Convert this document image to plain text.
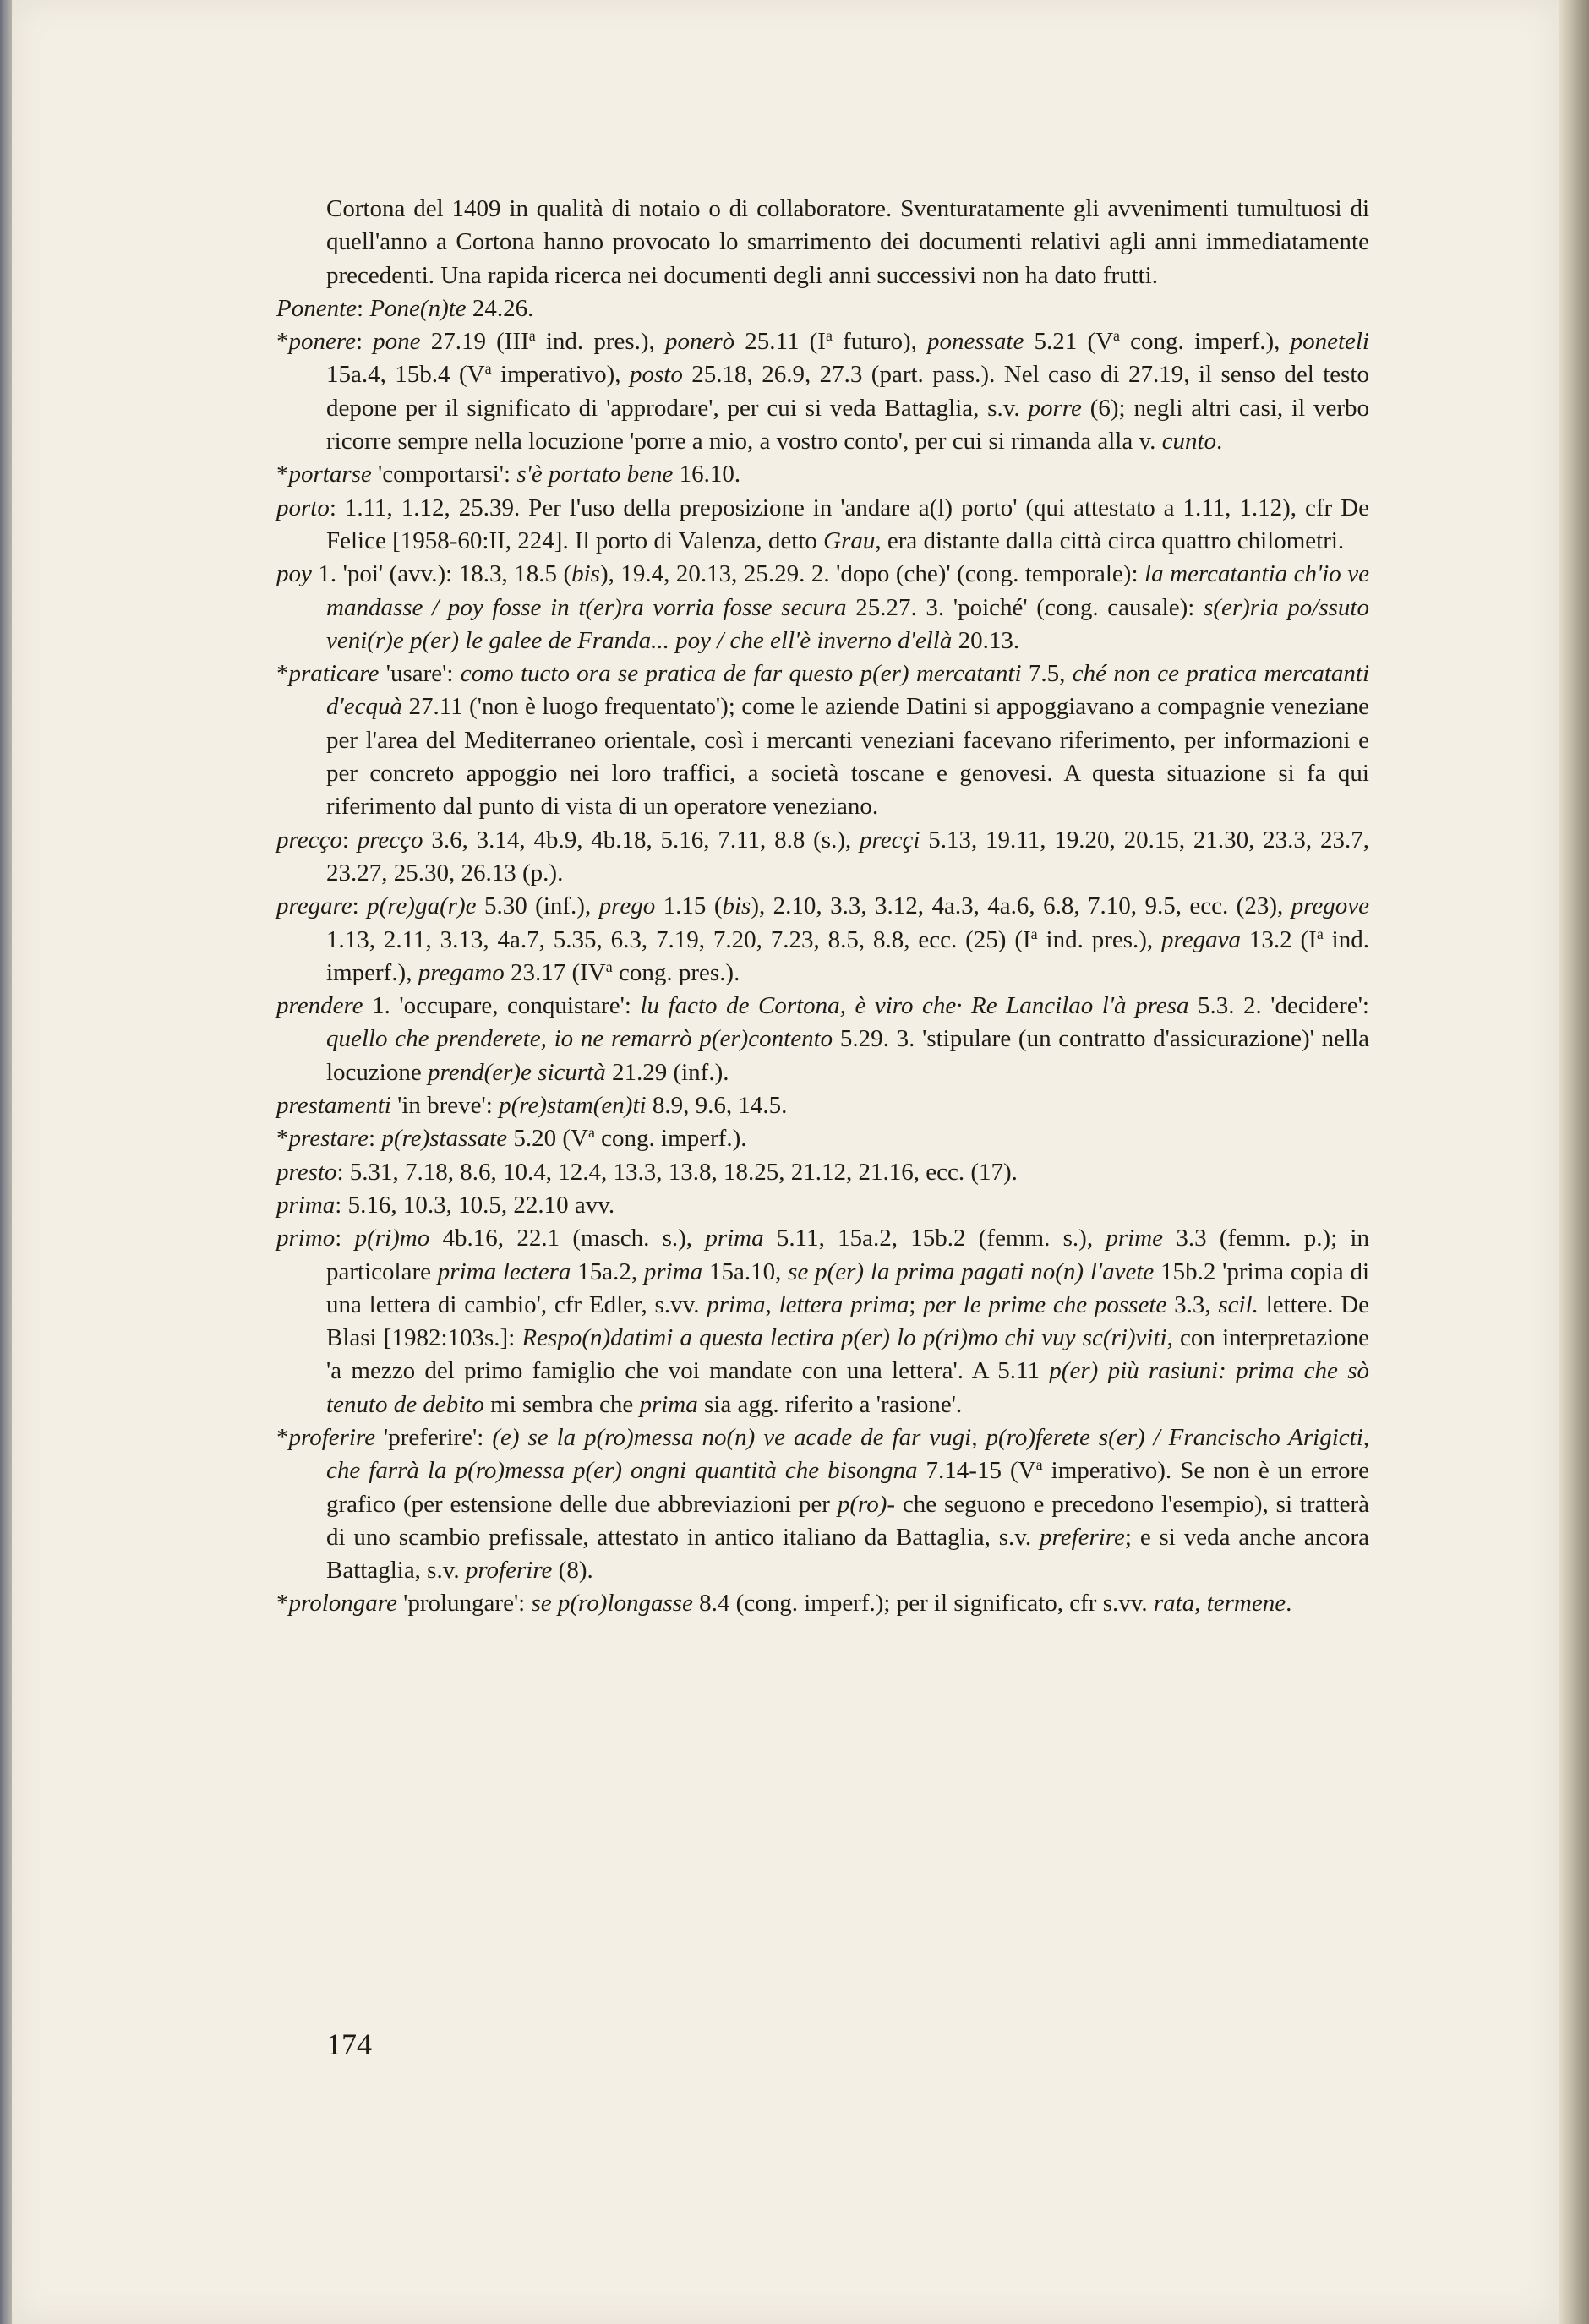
Cortona del 1409 in qualità di notaio o di collaboratore. Sventuratamente gli avvenimenti tumultuosi di quell'anno a Cortona hanno provocato lo smarrimento dei documenti relativi agli anni immediatamente precedenti. Una rapida ricerca nei documenti degli anni successivi non ha dato frutti.

Ponente: Pone(n)te 24.26.

*ponere: pone 27.19 (III$^a$ ind. pres.), ponerò 25.11 ($I^a$ futuro), ponessate 5.21 ($V^a$ cong. imperf.), poneteli 15a.4, 15b.4 ($V^a$ imperativo), posto 25.18, 26.9, 27.3 (part. pass.). Nel caso di 27.19, il senso del testo depone per il significato di 'approdare', per cui si veda Battaglia, s.v. porre (6); negli altri casi, il verbo ricorre sempre nella locuzione 'porre a mio, a vostro conto', per cui si rimanda alla v. cunto.

*portarse 'comportarsi': s'è portato bene 16.10.

porto: 1.11, 1.12, 25.39. Per l'uso della preposizione in 'andare a(l) porto' (qui attestato a 1.11, 1.12), cfr De Felice [1958-60:II, 224]. Il porto di Valenza, detto Grau, era distante dalla città circa quattro chilometri.

poy 1. 'poi' (avv.): 18.3, 18.5 (bis), 19.4, 20.13, 25.29. 2. 'dopo (che)' (cong. temporale): la mercatantia ch'io ve mandasse / poy fosse in t(er)ra vorria fosse secura 25.27. 3. 'poiché' (cong. causale): s(er)ria po/ssuto veni(r)e p(er) le galee de Franda... poy / che ell'è inverno d'ellà 20.13.

*praticare 'usare': como tucto ora se pratica de far questo p(er) mercatanti 7.5, ché non ce pratica mercatanti d'ecquà 27.11 ('non è luogo frequentato'); come le aziende Datini si appoggiavano a compagnie veneziane per l'area del Mediterraneo orientale, così i mercanti veneziani facevano riferimento, per informazioni e per concreto appoggio nei loro traffici, a società toscane e genovesi. A questa situazione si fa qui riferimento dal punto di vista di un operatore veneziano.

precço: precço 3.6, 3.14, 4b.9, 4b.18, 5.16, 7.11, 8.8 (s.), precçi 5.13, 19.11, 19.20, 20.15, 21.30, 23.3, 23.7, 23.27, 25.30, 26.13 (p.).

pregare: p(re)ga(r)e 5.30 (inf.), prego 1.15 (bis), 2.10, 3.3, 3.12, 4a.3, 4a.6, 6.8, 7.10, 9.5, ecc. (23), pregove 1.13, 2.11, 3.13, 4a.7, 5.35, 6.3, 7.19, 7.20, 7.23, 8.5, 8.8, ecc. (25) ($I^a$ ind. pres.), pregava 13.2 ($I^a$ ind. imperf.), pregamo 23.17 ($IV^a$ cong. pres.).

prendere 1. 'occupare, conquistare': lu facto de Cortona, è viro che· Re Lancilao l'à presa 5.3. 2. 'decidere': quello che prenderete, io ne remarrò p(er)contento 5.29. 3. 'stipulare (un contratto d'assicurazione)' nella locuzione prend(er)e sicurtà 21.29 (inf.).

prestamenti 'in breve': p(re)stam(en)ti 8.9, 9.6, 14.5.

*prestare: p(re)stassate 5.20 ($V^a$ cong. imperf.).

presto: 5.31, 7.18, 8.6, 10.4, 12.4, 13.3, 13.8, 18.25, 21.12, 21.16, ecc. (17).

prima: 5.16, 10.3, 10.5, 22.10 avv.

primo: p(ri)mo 4b.16, 22.1 (masch. s.), prima 5.11, 15a.2, 15b.2 (femm. s.), prime 3.3 (femm. p.); in particolare prima lectera 15a.2, prima 15a.10, se p(er) la prima pagati no(n) l'avete 15b.2 'prima copia di una lettera di cambio', cfr Edler, s.vv. prima, lettera prima; per le prime che possete 3.3, scil. lettere. De Blasi [1982:103s.]: Respo(n)datimi a questa lectira p(er) lo p(ri)mo chi vuy sc(ri)viti, con interpretazione 'a mezzo del primo famiglio che voi mandate con una lettera'. A 5.11 p(er) più rasiuni: prima che sò tenuto de debito mi sembra che prima sia agg. riferito a 'rasione'.

*proferire 'preferire': (e) se la p(ro)messa no(n) ve acade de far vugi, p(ro)ferete s(er) / Francischo Arigicti, che farrà la p(ro)messa p(er) ongni quantità che bisongna 7.14-15 ($V^a$ imperativo). Se non è un errore grafico (per estensione delle due abbreviazioni per p(ro)- che seguono e precedono l'esempio), si tratterà di uno scambio prefissale, attestato in antico italiano da Battaglia, s.v. preferire; e si veda anche ancora Battaglia, s.v. proferire (8).

*prolongare 'prolungare': se p(ro)longasse 8.4 (cong. imperf.); per il significato, cfr s.vv. rata, termene.

174
